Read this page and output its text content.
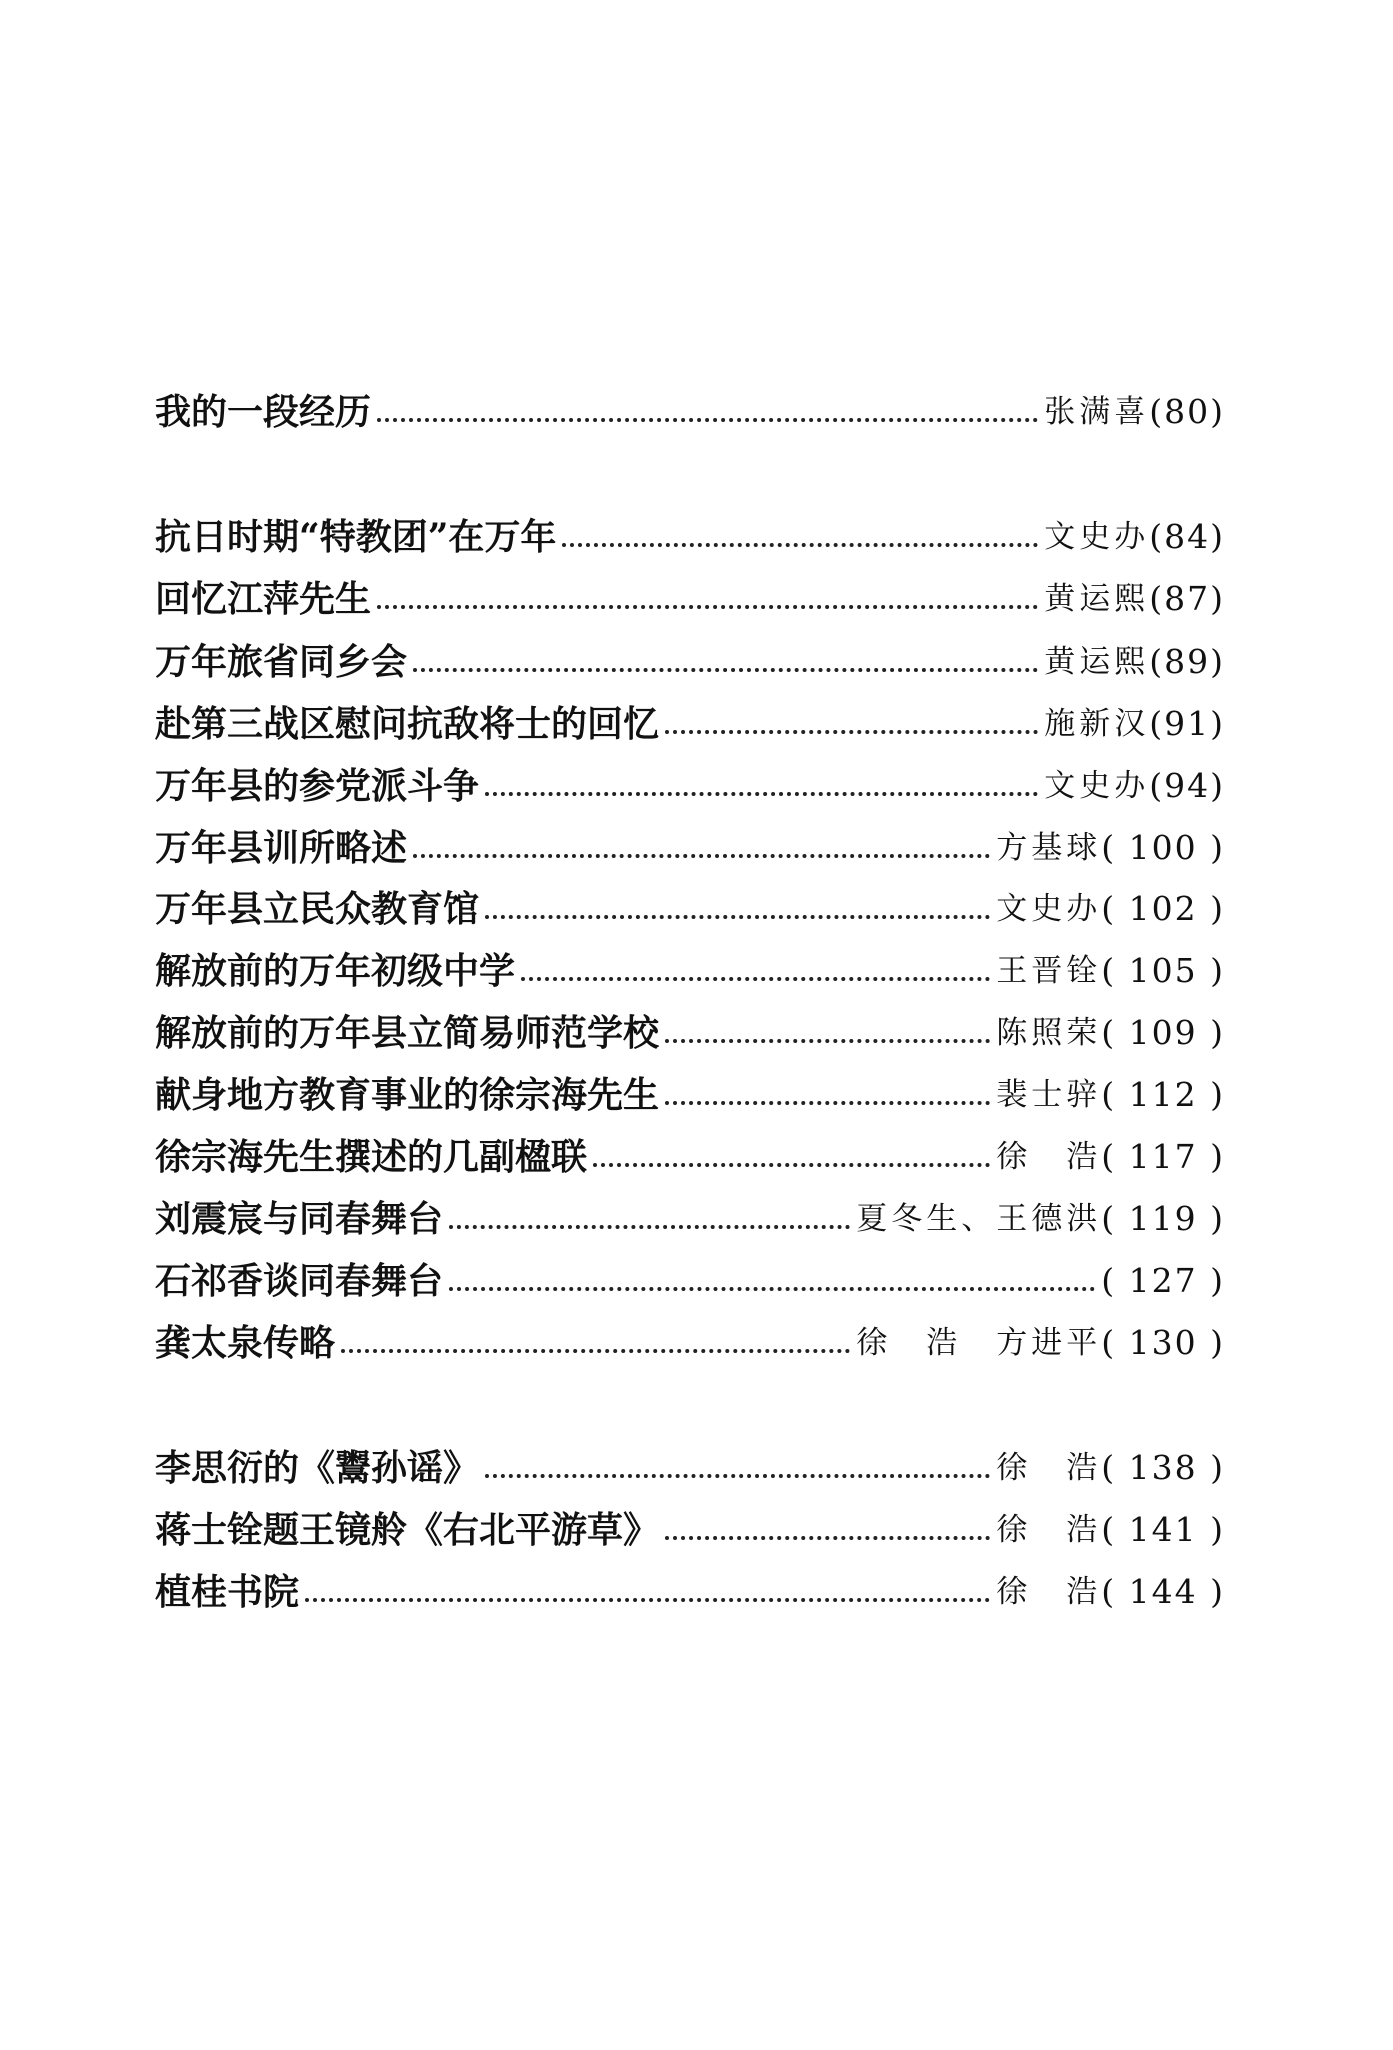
我的一段经历	张满喜 (80)
抗日时期“特教团”在万年	文史办 (84)
回忆江萍先生	黄运熙 (87)
万年旅省同乡会	黄运熙 (89)
赴第三战区慰问抗敌将士的回忆	施新汉 (91)
万年县的参党派斗争	文史办 (94)
万年县训所略述	方基球 ( 100 )
万年县立民众教育馆	文史办 ( 102 )
解放前的万年初级中学	王晋铨 ( 105 )
解放前的万年县立简易师范学校	陈照荣 ( 109 )
献身地方教育事业的徐宗海先生	裴士骍 ( 112 )
徐宗海先生撰述的几副楹联	徐　浩 ( 117 )
刘震宸与同春舞台	夏冬生、王德洪 ( 119 )
石祁香谈同春舞台	( 127 )
龚太泉传略	徐　浩　方进平 ( 130 )
李思衍的《鬻孙谣》	徐　浩 ( 138 )
蒋士铨题王镜舲《右北平游草》	徐　浩 ( 141 )
植桂书院	徐　浩 ( 144 )
